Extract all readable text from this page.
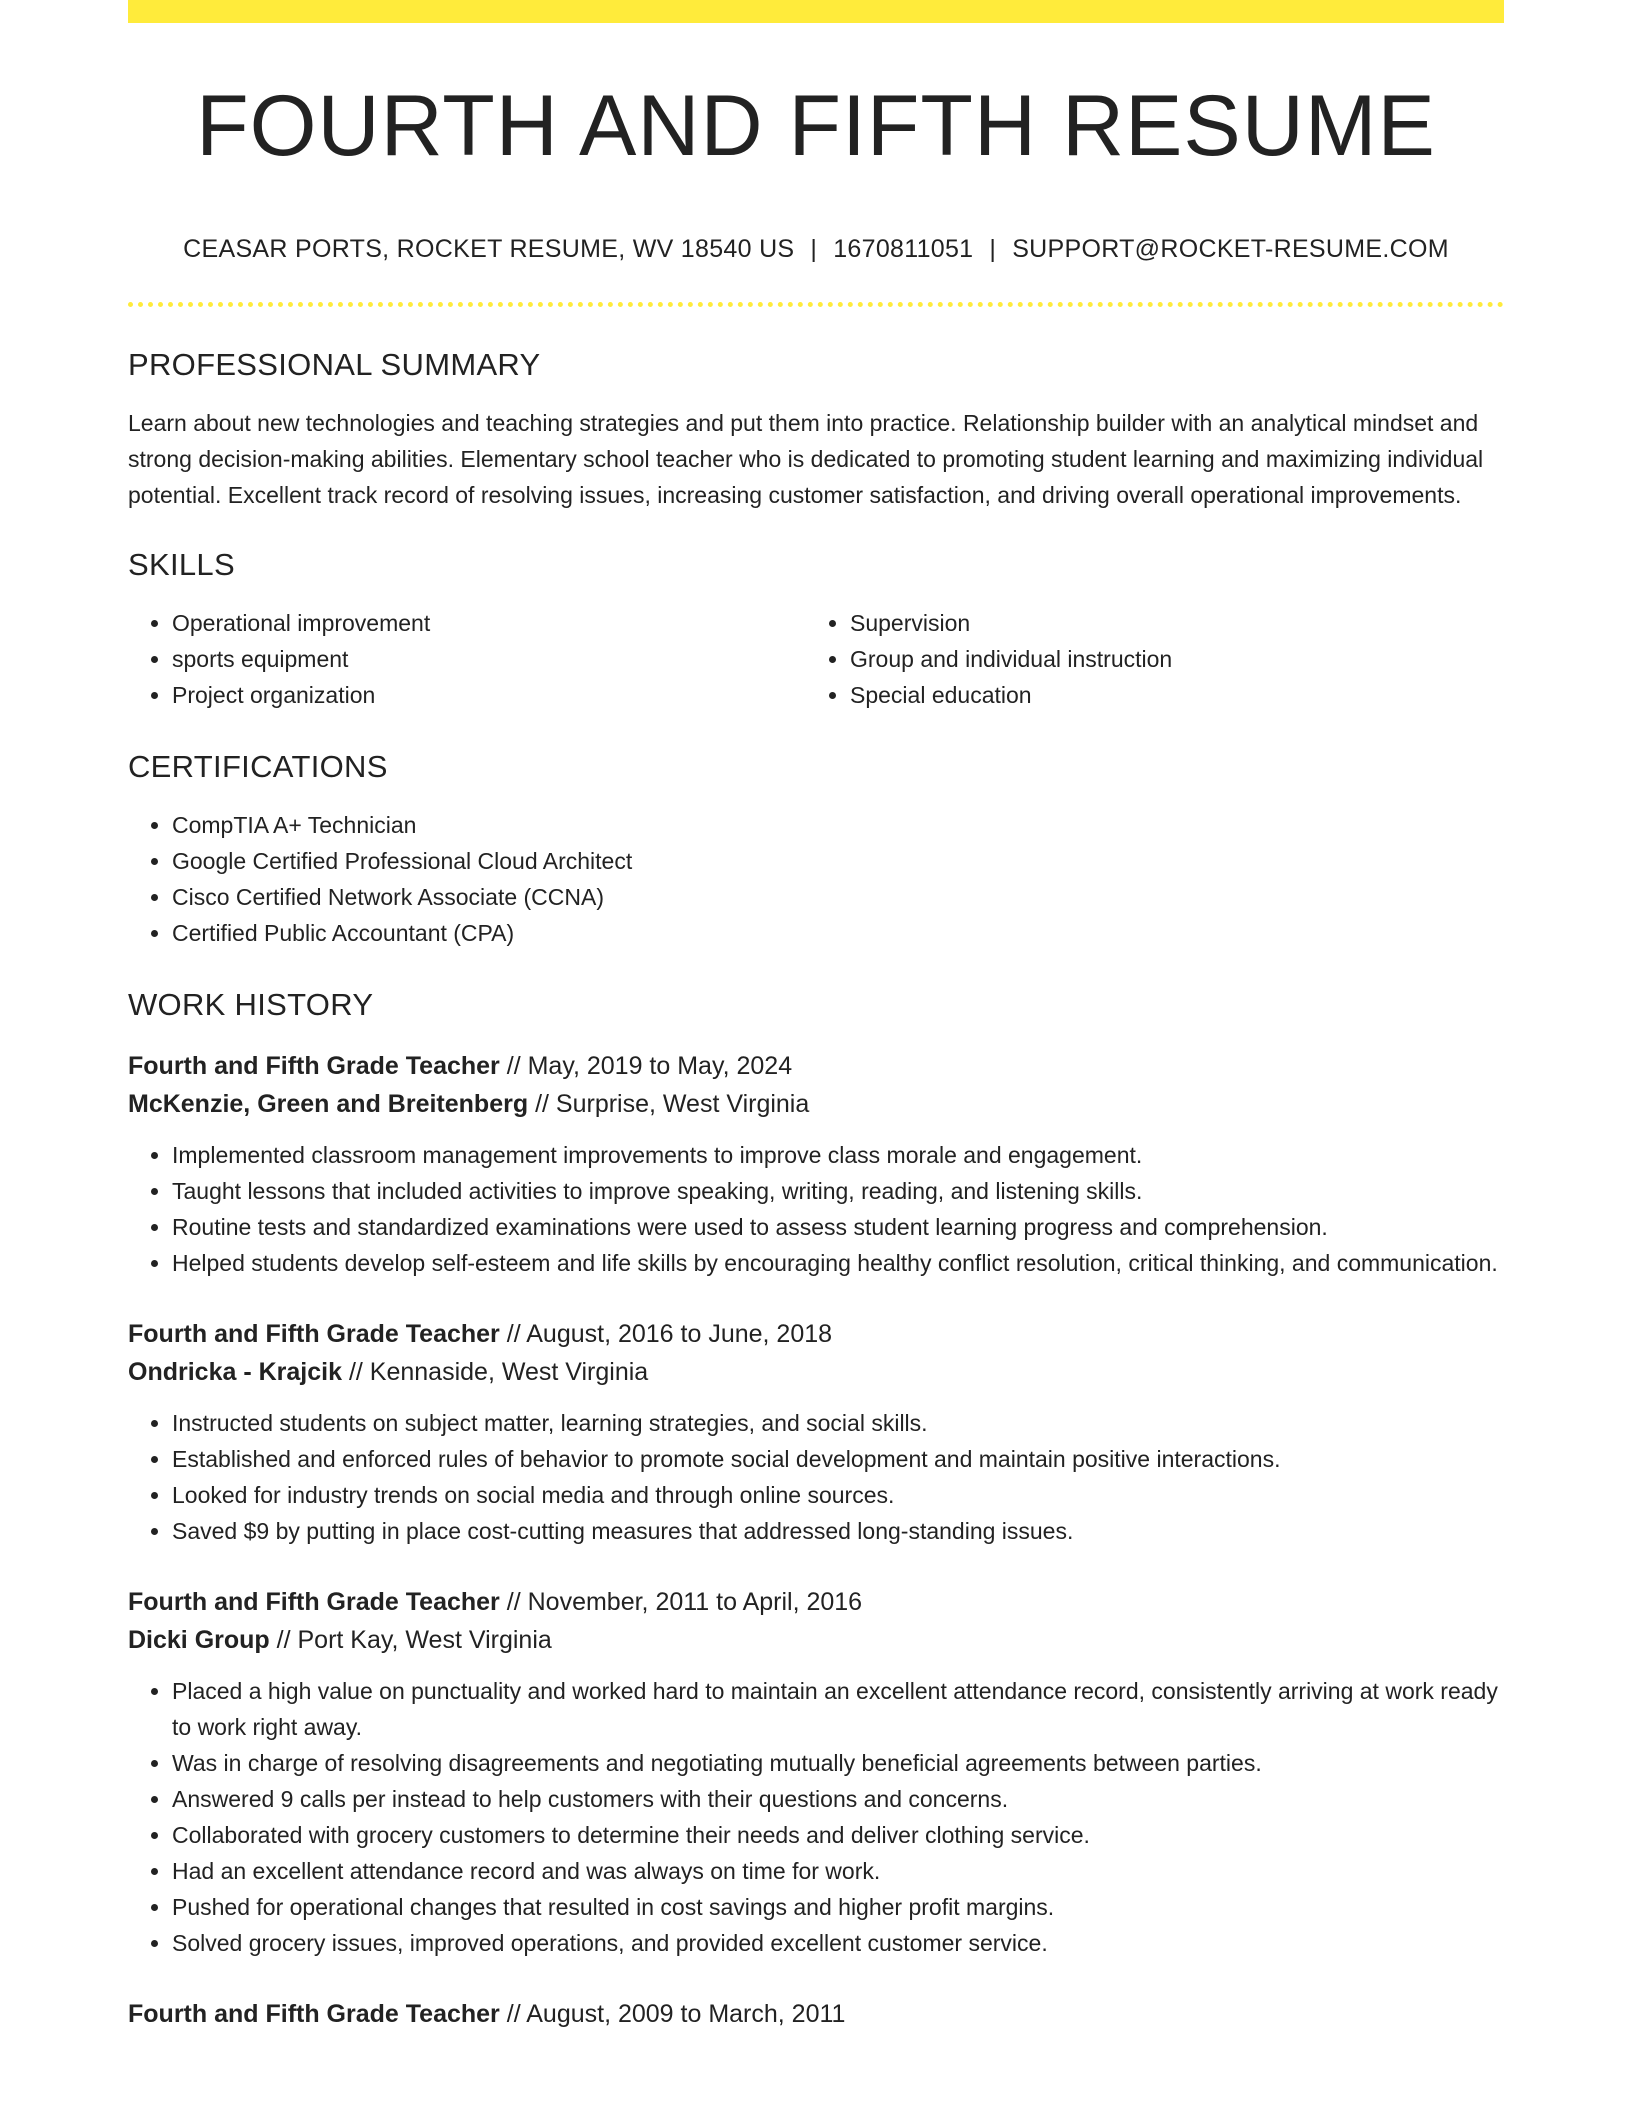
FOURTH AND FIFTH RESUME
CEASAR PORTS, ROCKET RESUME, WV 18540 US | 1670811051 | SUPPORT@ROCKET-RESUME.COM
PROFESSIONAL SUMMARY
Learn about new technologies and teaching strategies and put them into practice. Relationship builder with an analytical mindset and strong decision-making abilities. Elementary school teacher who is dedicated to promoting student learning and maximizing individual potential. Excellent track record of resolving issues, increasing customer satisfaction, and driving overall operational improvements.
SKILLS
• Operational improvement
• sports equipment
• Project organization
• Supervision
• Group and individual instruction
• Special education
CERTIFICATIONS
• CompTIA A+ Technician
• Google Certified Professional Cloud Architect
• Cisco Certified Network Associate (CCNA)
• Certified Public Accountant (CPA)
WORK HISTORY
Fourth and Fifth Grade Teacher // May, 2019 to May, 2024
McKenzie, Green and Breitenberg // Surprise, West Virginia
• Implemented classroom management improvements to improve class morale and engagement.
• Taught lessons that included activities to improve speaking, writing, reading, and listening skills.
• Routine tests and standardized examinations were used to assess student learning progress and comprehension.
• Helped students develop self-esteem and life skills by encouraging healthy conflict resolution, critical thinking, and communication.
Fourth and Fifth Grade Teacher // August, 2016 to June, 2018
Ondricka - Krajcik // Kennaside, West Virginia
• Instructed students on subject matter, learning strategies, and social skills.
• Established and enforced rules of behavior to promote social development and maintain positive interactions.
• Looked for industry trends on social media and through online sources.
• Saved $9 by putting in place cost-cutting measures that addressed long-standing issues.
Fourth and Fifth Grade Teacher // November, 2011 to April, 2016
Dicki Group // Port Kay, West Virginia
• Placed a high value on punctuality and worked hard to maintain an excellent attendance record, consistently arriving at work ready to work right away.
• Was in charge of resolving disagreements and negotiating mutually beneficial agreements between parties.
• Answered 9 calls per instead to help customers with their questions and concerns.
• Collaborated with grocery customers to determine their needs and deliver clothing service.
• Had an excellent attendance record and was always on time for work.
• Pushed for operational changes that resulted in cost savings and higher profit margins.
• Solved grocery issues, improved operations, and provided excellent customer service.
Fourth and Fifth Grade Teacher // August, 2009 to March, 2011
